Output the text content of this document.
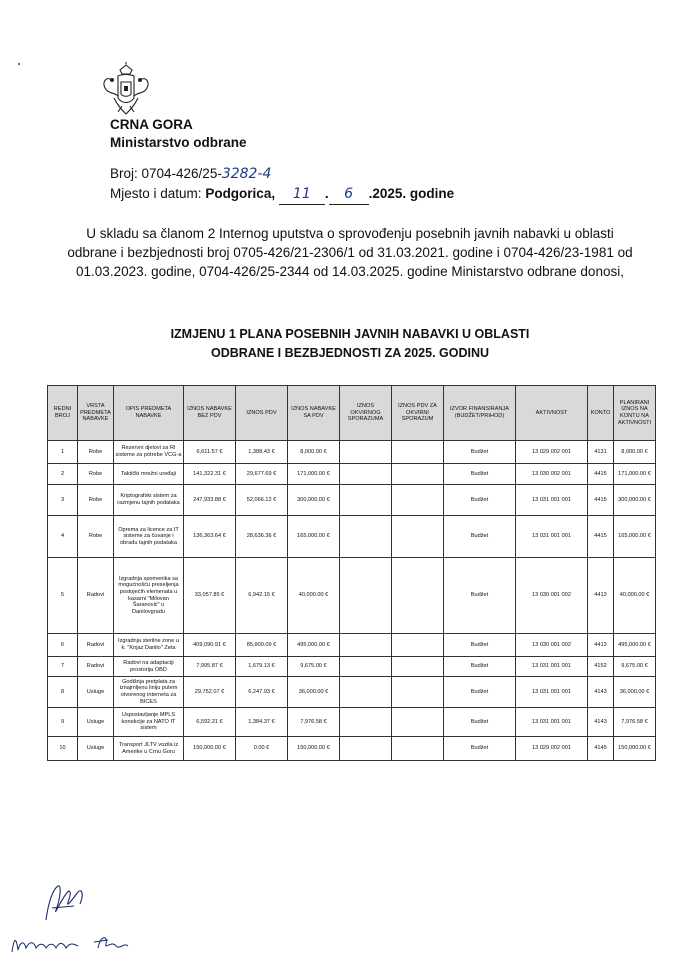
CRNA GORA
Ministarstvo odbrane
Broj: 0704-426/25-3282-4
Mjesto i datum: Podgorica, 11 . 6 .2025. godine
U skladu sa članom 2 Internog uputstva o sprovođenju posebnih javnih nabavki u oblasti odbrane i bezbjednosti broj 0705-426/21-2306/1 od 31.03.2021. godine i 0704-426/23-1981 od 01.03.2023. godine, 0704-426/25-2344 od 14.03.2025. godine Ministarstvo odbrane donosi,
IZMJENU 1 PLANA POSEBNIH JAVNIH NABAVKI U OBLASTI
ODBRANE I BEZBJEDNOSTI ZA 2025. GODINU
REDNI BROJ	VRSTA PREDMETA NABAVKE	OPIS PREDMETA NABAVKE	IZNOS NABAVKE BEZ PDV	IZNOS PDV	IZNOS NABAVKE SA PDV	IZNOS OKVIRNOG SPORAZUMA	IZNOS PDV ZA OKVIRNI SPORAZUM	IZVOR FINANSIRANJA (BUDŽET/PRIHOD)	AKTIVNOST	KONTO	PLANIRANI IZNOS NA KONTU NA AKTIVNOSTI
1	Robe	Rezervni djelovi za RI sisteme za potrebe VCG-a	6,611.57 €	1,388.43 €	8,000.00 €			Budžet	13 029 002 001	4131	8,000.00 €
2	Robe	Taktički mrežni uređaji	141,322.31 €	29,677.69 €	171,000.00 €			Budžet	13 030 002 001	4415	171,000.00 €
3	Robe	Kriptografski sistem za razmjenu tajnih podataka	247,933.88 €	52,066.12 €	300,000.00 €			Budžet	13 031 001 001	4415	300,000.00 €
4	Robe	Oprema za licence za IT sisteme za čuvanje i obradu tajnih podataka	136,363.64 €	28,636.36 €	165,000.00 €			Budžet	13 031 001 001	4415	165,000.00 €
5	Radovi	Izgradnja spomenika sa mogućnošću preseljenja postojećih elemenata u kasarni "Milovan Šaranović" u Danilovgradu	33,057.85 €	6,942.15 €	40,000.00 €			Budžet	13 030 001 002	4413	40,000.00 €
6	Radovi	Izgradnja sterilne zone u k. "Knjaz Danilo" Zeta	409,090.91 €	85,909.09 €	495,000.00 €			Budžet	13 030 001 002	4413	495,000.00 €
7	Radovi	Radovi na adaptaciji prostorija OBD	7,995.87 €	1,679.13 €	9,675.00 €			Budžet	13 031 001 001	4152	9,675.00 €
8	Usluge	Godišnja pretplata za iznajmljenu liniju putem otvorenog interneta za BICES	29,752.07 €	6,247.93 €	36,000.00 €			Budžet	13 031 001 001	4143	36,000.00 €
9	Usluge	Uspostavljanje MPLS konekcije za NATO IT sistem	6,592.21 €	1,384.37 €	7,976.58 €			Budžet	13 031 001 001	4143	7,976.58 €
10	Usluge	Transport JLTV vozila iz Amerike u Crnu Goru	150,000.00 €	0.00 €	150,000.00 €			Budžet	13 029 002 001	4145	150,000.00 €
